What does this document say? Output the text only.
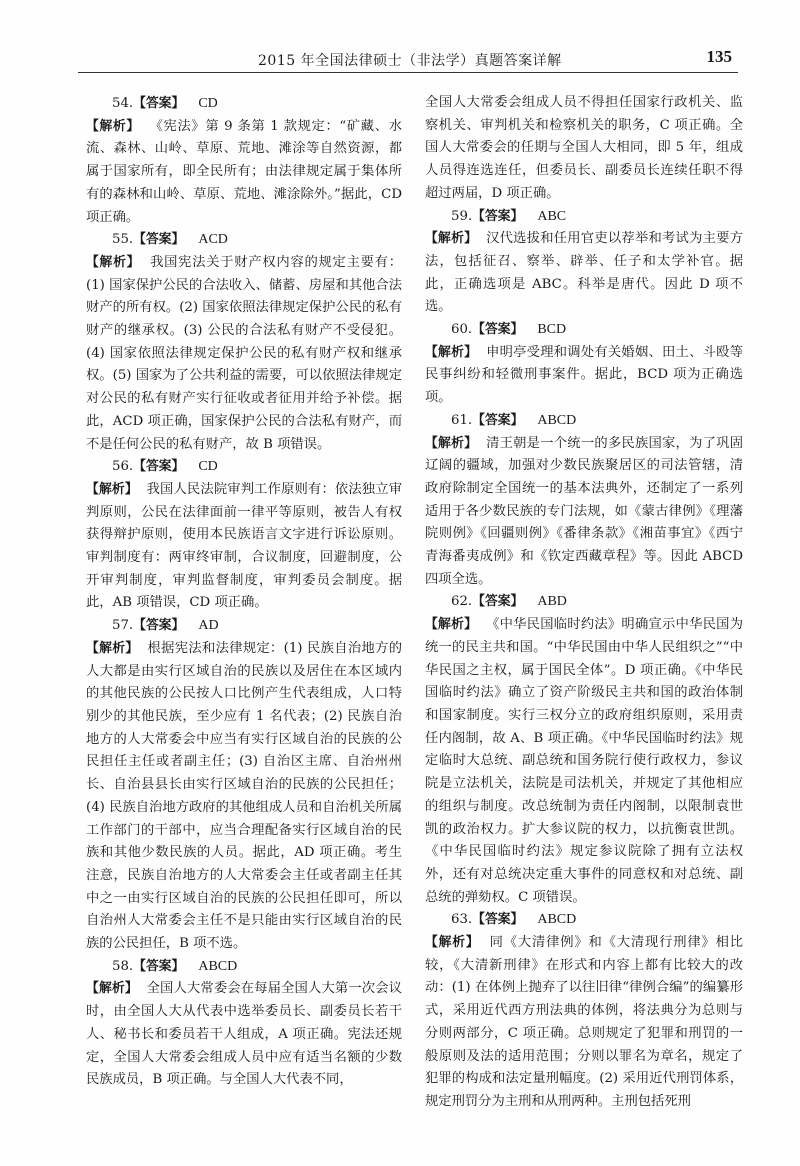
2015 年全国法律硕士（非法学）真题答案详解	135

54.【答案】 CD

【解析】 《宪法》第 9 条第 1 款规定：“矿藏、水流、森林、山岭、草原、荒地、滩涂等自然资源，都属于国家所有，即全民所有；由法律规定属于集体所有的森林和山岭、草原、荒地、滩涂除外。”据此，CD 项正确。

55.【答案】 ACD

【解析】 我国宪法关于财产权内容的规定主要有：(1) 国家保护公民的合法收入、储蓄、房屋和其他合法财产的所有权。(2) 国家依照法律规定保护公民的私有财产的继承权。(3) 公民的合法私有财产不受侵犯。(4) 国家依照法律规定保护公民的私有财产权和继承权。(5) 国家为了公共利益的需要，可以依照法律规定对公民的私有财产实行征收或者征用并给予补偿。据此，ACD 项正确，国家保护公民的合法私有财产，而不是任何公民的私有财产，故 B 项错误。

56.【答案】 CD

【解析】 我国人民法院审判工作原则有：依法独立审判原则，公民在法律面前一律平等原则，被告人有权获得辩护原则，使用本民族语言文字进行诉讼原则。审判制度有：两审终审制，合议制度，回避制度，公开审判制度，审判监督制度，审判委员会制度。据此，AB 项错误，CD 项正确。

57.【答案】 AD

【解析】 根据宪法和法律规定：(1) 民族自治地方的人大都是由实行区域自治的民族以及居住在本区域内的其他民族的公民按人口比例产生代表组成，人口特别少的其他民族，至少应有 1 名代表；(2) 民族自治地方的人大常委会中应当有实行区域自治的民族的公民担任主任或者副主任；(3) 自治区主席、自治州州长、自治县县长由实行区域自治的民族的公民担任；(4) 民族自治地方政府的其他组成人员和自治机关所属工作部门的干部中，应当合理配备实行区域自治的民族和其他少数民族的人员。据此，AD 项正确。考生注意，民族自治地方的人大常委会主任或者副主任其中之一由实行区域自治的民族的公民担任即可，所以自治州人大常委会主任不是只能由实行区域自治的民族的公民担任，B 项不选。

58.【答案】 ABCD

【解析】 全国人大常委会在每届全国人大第一次会议时，由全国人大从代表中选举委员长、副委员长若干人、秘书长和委员若干人组成，A 项正确。宪法还规定，全国人大常委会组成人员中应有适当名额的少数民族成员，B 项正确。与全国人大代表不同，

全国人大常委会组成人员不得担任国家行政机关、监察机关、审判机关和检察机关的职务，C 项正确。全国人大常委会的任期与全国人大相同，即 5 年，组成人员得连选连任，但委员长、副委员长连续任职不得超过两届，D 项正确。

59.【答案】 ABC

【解析】 汉代选拔和任用官吏以荐举和考试为主要方法，包括征召、察举、辟举、任子和太学补官。据此，正确选项是 ABC。科举是唐代。因此 D 项不选。

60.【答案】 BCD

【解析】 申明亭受理和调处有关婚姻、田土、斗殴等民事纠纷和轻微刑事案件。据此，BCD 项为正确选项。

61.【答案】 ABCD

【解析】 清王朝是一个统一的多民族国家，为了巩固辽阔的疆域，加强对少数民族聚居区的司法管辖，清政府除制定全国统一的基本法典外，还制定了一系列适用于各少数民族的专门法规，如《蒙古律例》《理藩院则例》《回疆则例》《番律条款》《湘苗事宜》《西宁青海番夷成例》和《钦定西藏章程》等。因此 ABCD 四项全选。

62.【答案】 ABD

【解析】 《中华民国临时约法》明确宣示中华民国为统一的民主共和国。“中华民国由中华人民组织之”“中华民国之主权，属于国民全体”。D 项正确。《中华民国临时约法》确立了资产阶级民主共和国的政治体制和国家制度。实行三权分立的政府组织原则，采用责任内阁制，故 A、B 项正确。《中华民国临时约法》规定临时大总统、副总统和国务院行使行政权力，参议院是立法机关，法院是司法机关，并规定了其他相应的组织与制度。改总统制为责任内阁制，以限制袁世凯的政治权力。扩大参议院的权力，以抗衡袁世凯。《中华民国临时约法》规定参议院除了拥有立法权外，还有对总统决定重大事件的同意权和对总统、副总统的弹劾权。C 项错误。

63.【答案】 ABCD

【解析】 同《大清律例》和《大清现行刑律》相比较，《大清新刑律》在形式和内容上都有比较大的改动：(1) 在体例上抛弃了以往旧律“律例合编”的编纂形式，采用近代西方刑法典的体例，将法典分为总则与分则两部分，C 项正确。总则规定了犯罪和刑罚的一般原则及法的适用范围；分则以罪名为章名，规定了犯罪的构成和法定量刑幅度。(2) 采用近代刑罚体系，规定刑罚分为主刑和从刑两种。主刑包括死刑
